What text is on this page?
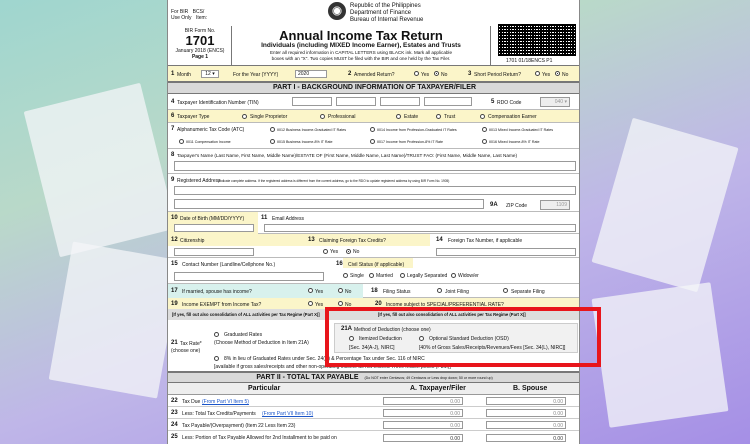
For BIR BCS/
Use Only Item:
Republic of the Philippines
Department of Finance
Bureau of Internal Revenue
BIR Form No.
1701
January 2018 (ENCS)
Page 1
Annual Income Tax Return
Individuals (including MIXED Income Earner), Estates and Trusts
Enter all required information in CAPITAL LETTERS using BLACK ink. Mark all applicable
boxes with an "X". Two copies MUST be filed with the BIR and one held by the Tax Filer.	1701 01/18ENCS P1
1 Month	12 ▾	For the Year (YYYY)	2020	2 Amended Return?	Yes No	3 Short Period Return?	Yes No
PART I - BACKGROUND INFORMATION OF TAXPAYER/FILER
4 Taxpayer Identification Number (TIN)	5 RDO Code	040 ▾
6 Taxpayer Type	Single Proprietor	Professional	Estate	Trust	Compensation Earner
7 Alphanumeric Tax Code (ATC)	II012 Business Income-Graduated IT Rates	II014 Income from Profession-Graduated IT Rates	II013 Mixed Income-Graduated IT Rates
II011 Compensation Income	II015 Business Income-8% IT Rate	II017 Income from Profession-8% IT Rate	II016 Mixed Income-8% IT Rate
8 Taxpayer's Name (Last Name, First Name, Middle Name)/ESTATE OF (First Name, Middle Name, Last Name)/TRUST FAO: (First Name, Middle Name, Last Name)
9 Registered Address
(Indicate complete address. If the registered address is different from the current address, go to the RDO to update registered address by using BIR Form No. 1905)
9A ZIP Code	1109
10 Date of Birth (MM/DD/YYYY)	11 Email Address
12 Citizenship	13 Claiming Foreign Tax Credits?
Yes	No
14 Foreign Tax Number, if applicable
15 Contact Number (Landline/Cellphone No.)	16 Civil Status (if applicable)
Single Married	Legally Separated Widow/er
17 If married, spouse has income?	Yes	No	18 Filing Status	Joint Filing	Separate Filing
19 Income EXEMPT from Income Tax?	Yes	No	20 Income subject to SPECIAL/PREFERENTIAL RATE?
[If yes, fill out also consolidation of ALL activities per Tax Regime (Part X)]	[If yes, fill out also consolidation of ALL activities per Tax Regime (Part X)]
21 Tax Rate*
(choose one)
Graduated Rates
(Choose Method of Deduction in Item 21A)
8% in lieu of Graduated Rates under Sec. 24(A) & Percentage Tax under Sec. 116 of NIRC
[available if gross sales/receipts and other non-operating income do not exceed Three million pesos (P3M)]
21A Method of Deduction (choose one)
Itemized Deduction
[Sec. 34(A-J), NIRC]
Optional Standard Deduction (OSD)
[40% of Gross Sales/Receipts/Revenues/Fees [Sec. 34(L), NIRC]]
PART II - TOTAL TAX PAYABLE (Do NOT enter Centavos; 49 Centavos or Less drop down; 50 or more round up)
Particular	A. Taxpayer/Filer	B. Spouse
22 Tax Due (From Part VI Item 5)	0.00	0.00
23 Less: Total Tax Credits/Payments (From Part VII Item 10)	0.00	0.00
24 Tax Payable/(Overpayment) (Item 22 Less Item 23)	0.00	0.00
25 Less: Portion of Tax Payable Allowed for 2nd Installment to be paid on	0.00	0.00
